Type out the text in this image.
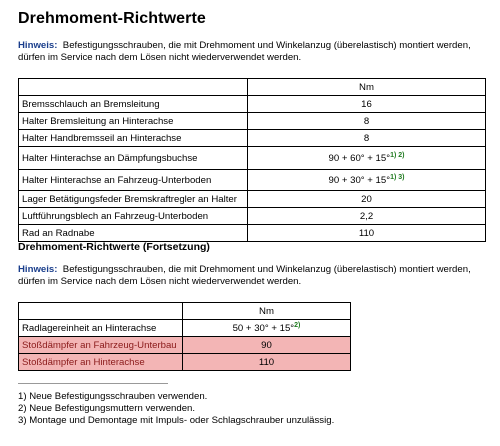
Drehmoment-Richtwerte
Hinweis: Befestigungsschrauben, die mit Drehmoment und Winkelanzug (überelastisch) montiert werden,
dürfen im Service nach dem Lösen nicht wiederverwendet werden.
	Nm
Bremsschlauch an Bremsleitung	16
Halter Bremsleitung an Hinterachse	8
Halter Handbremsseil an Hinterachse	8
Halter Hinterachse an Dämpfungsbuchse	90 + 60° + 15°$^{1) 2)}$
Halter Hinterachse an Fahrzeug-Unterboden	90 + 30° + 15°$^{1) 3)}$
Lager Betätigungsfeder Bremskraftregler an Halter	20
Luftführungsblech an Fahrzeug-Unterboden	2,2
Rad an Radnabe	110
Drehmoment-Richtwerte (Fortsetzung)
Hinweis: Befestigungsschrauben, die mit Drehmoment und Winkelanzug (überelastisch) montiert werden,
dürfen im Service nach dem Lösen nicht wiederverwendet werden.
	Nm
Radlagereinheit an Hinterachse	50 + 30° + 15°$^{2)}$
Stoßdämpfer an Fahrzeug-Unterbau	90
Stoßdämpfer an Hinterachse	110
1) Neue Befestigungsschrauben verwenden.
2) Neue Befestigungsmuttern verwenden.
3) Montage und Demontage mit Impuls- oder Schlagschrauber unzulässig.
